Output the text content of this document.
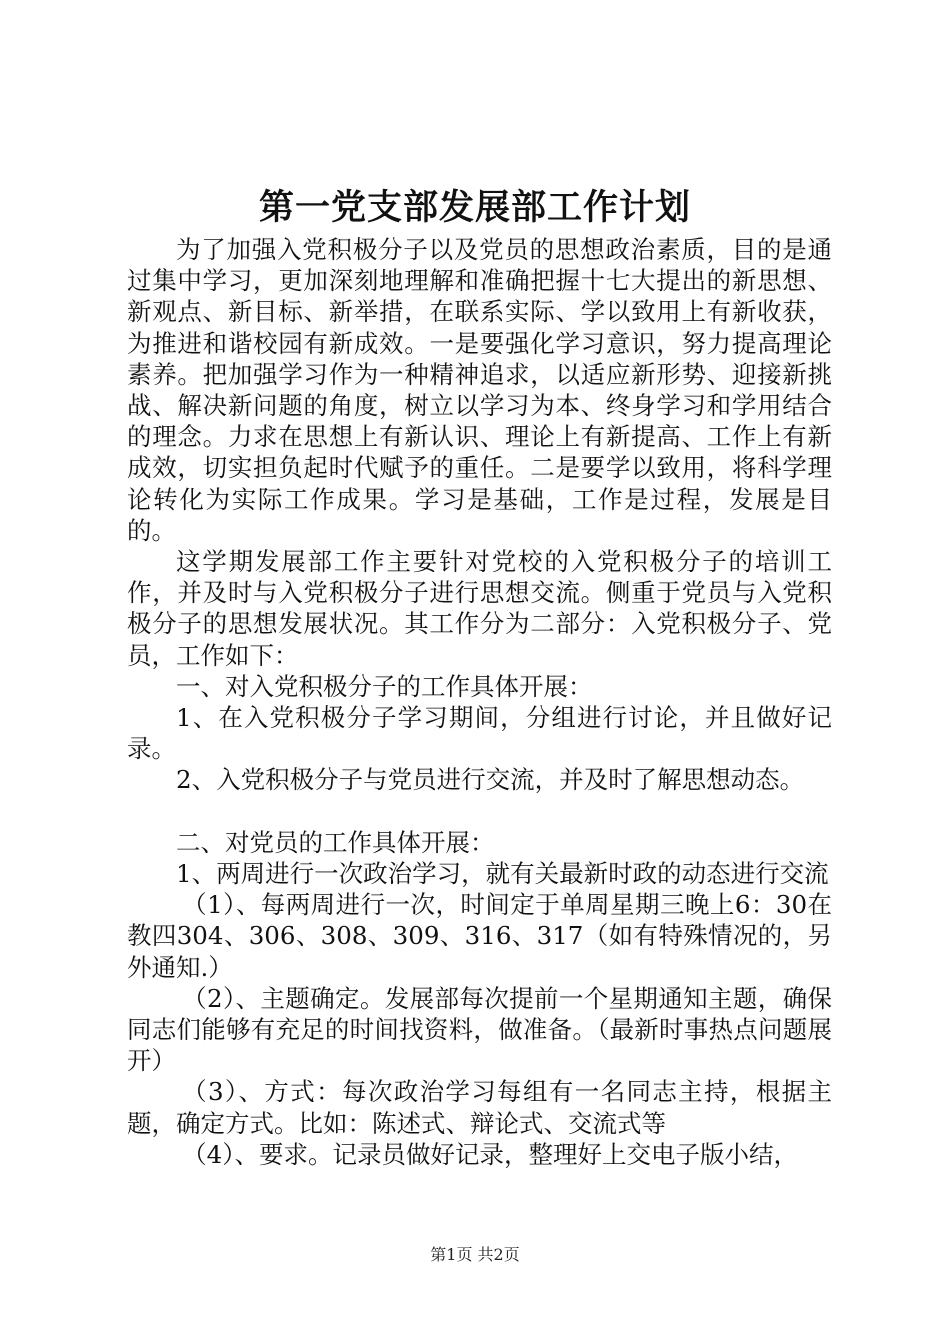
第一党支部发展部工作计划

为了加强入党积极分子以及党员的思想政治素质，目的是通过集中学习，更加深刻地理解和准确把握十七大提出的新思想、新观点、新目标、新举措，在联系实际、学以致用上有新收获，为推进和谐校园有新成效。一是要强化学习意识，努力提高理论素养。把加强学习作为一种精神追求，以适应新形势、迎接新挑战、解决新问题的角度，树立以学习为本、终身学习和学用结合的理念。力求在思想上有新认识、理论上有新提高、工作上有新成效，切实担负起时代赋予的重任。二是要学以致用，将科学理论转化为实际工作成果。学习是基础，工作是过程，发展是目的。

这学期发展部工作主要针对党校的入党积极分子的培训工作，并及时与入党积极分子进行思想交流。侧重于党员与入党积极分子的思想发展状况。其工作分为二部分：入党积极分子、党员，工作如下：

一、对入党积极分子的工作具体开展：

1、在入党积极分子学习期间，分组进行讨论，并且做好记录。

2、入党积极分子与党员进行交流，并及时了解思想动态。

二、对党员的工作具体开展：

1、两周进行一次政治学习，就有关最新时政的动态进行交流

（1）、每两周进行一次，时间定于单周星期三晚上6：30在教四304、306、308、309、316、317（如有特殊情况的，另外通知.）

（2）、主题确定。发展部每次提前一个星期通知主题，确保同志们能够有充足的时间找资料，做准备。（最新时事热点问题展开）

（3）、方式：每次政治学习每组有一名同志主持，根据主题，确定方式。比如：陈述式、辩论式、交流式等

（4）、要求。记录员做好记录，整理好上交电子版小结，

第1页 共2页
